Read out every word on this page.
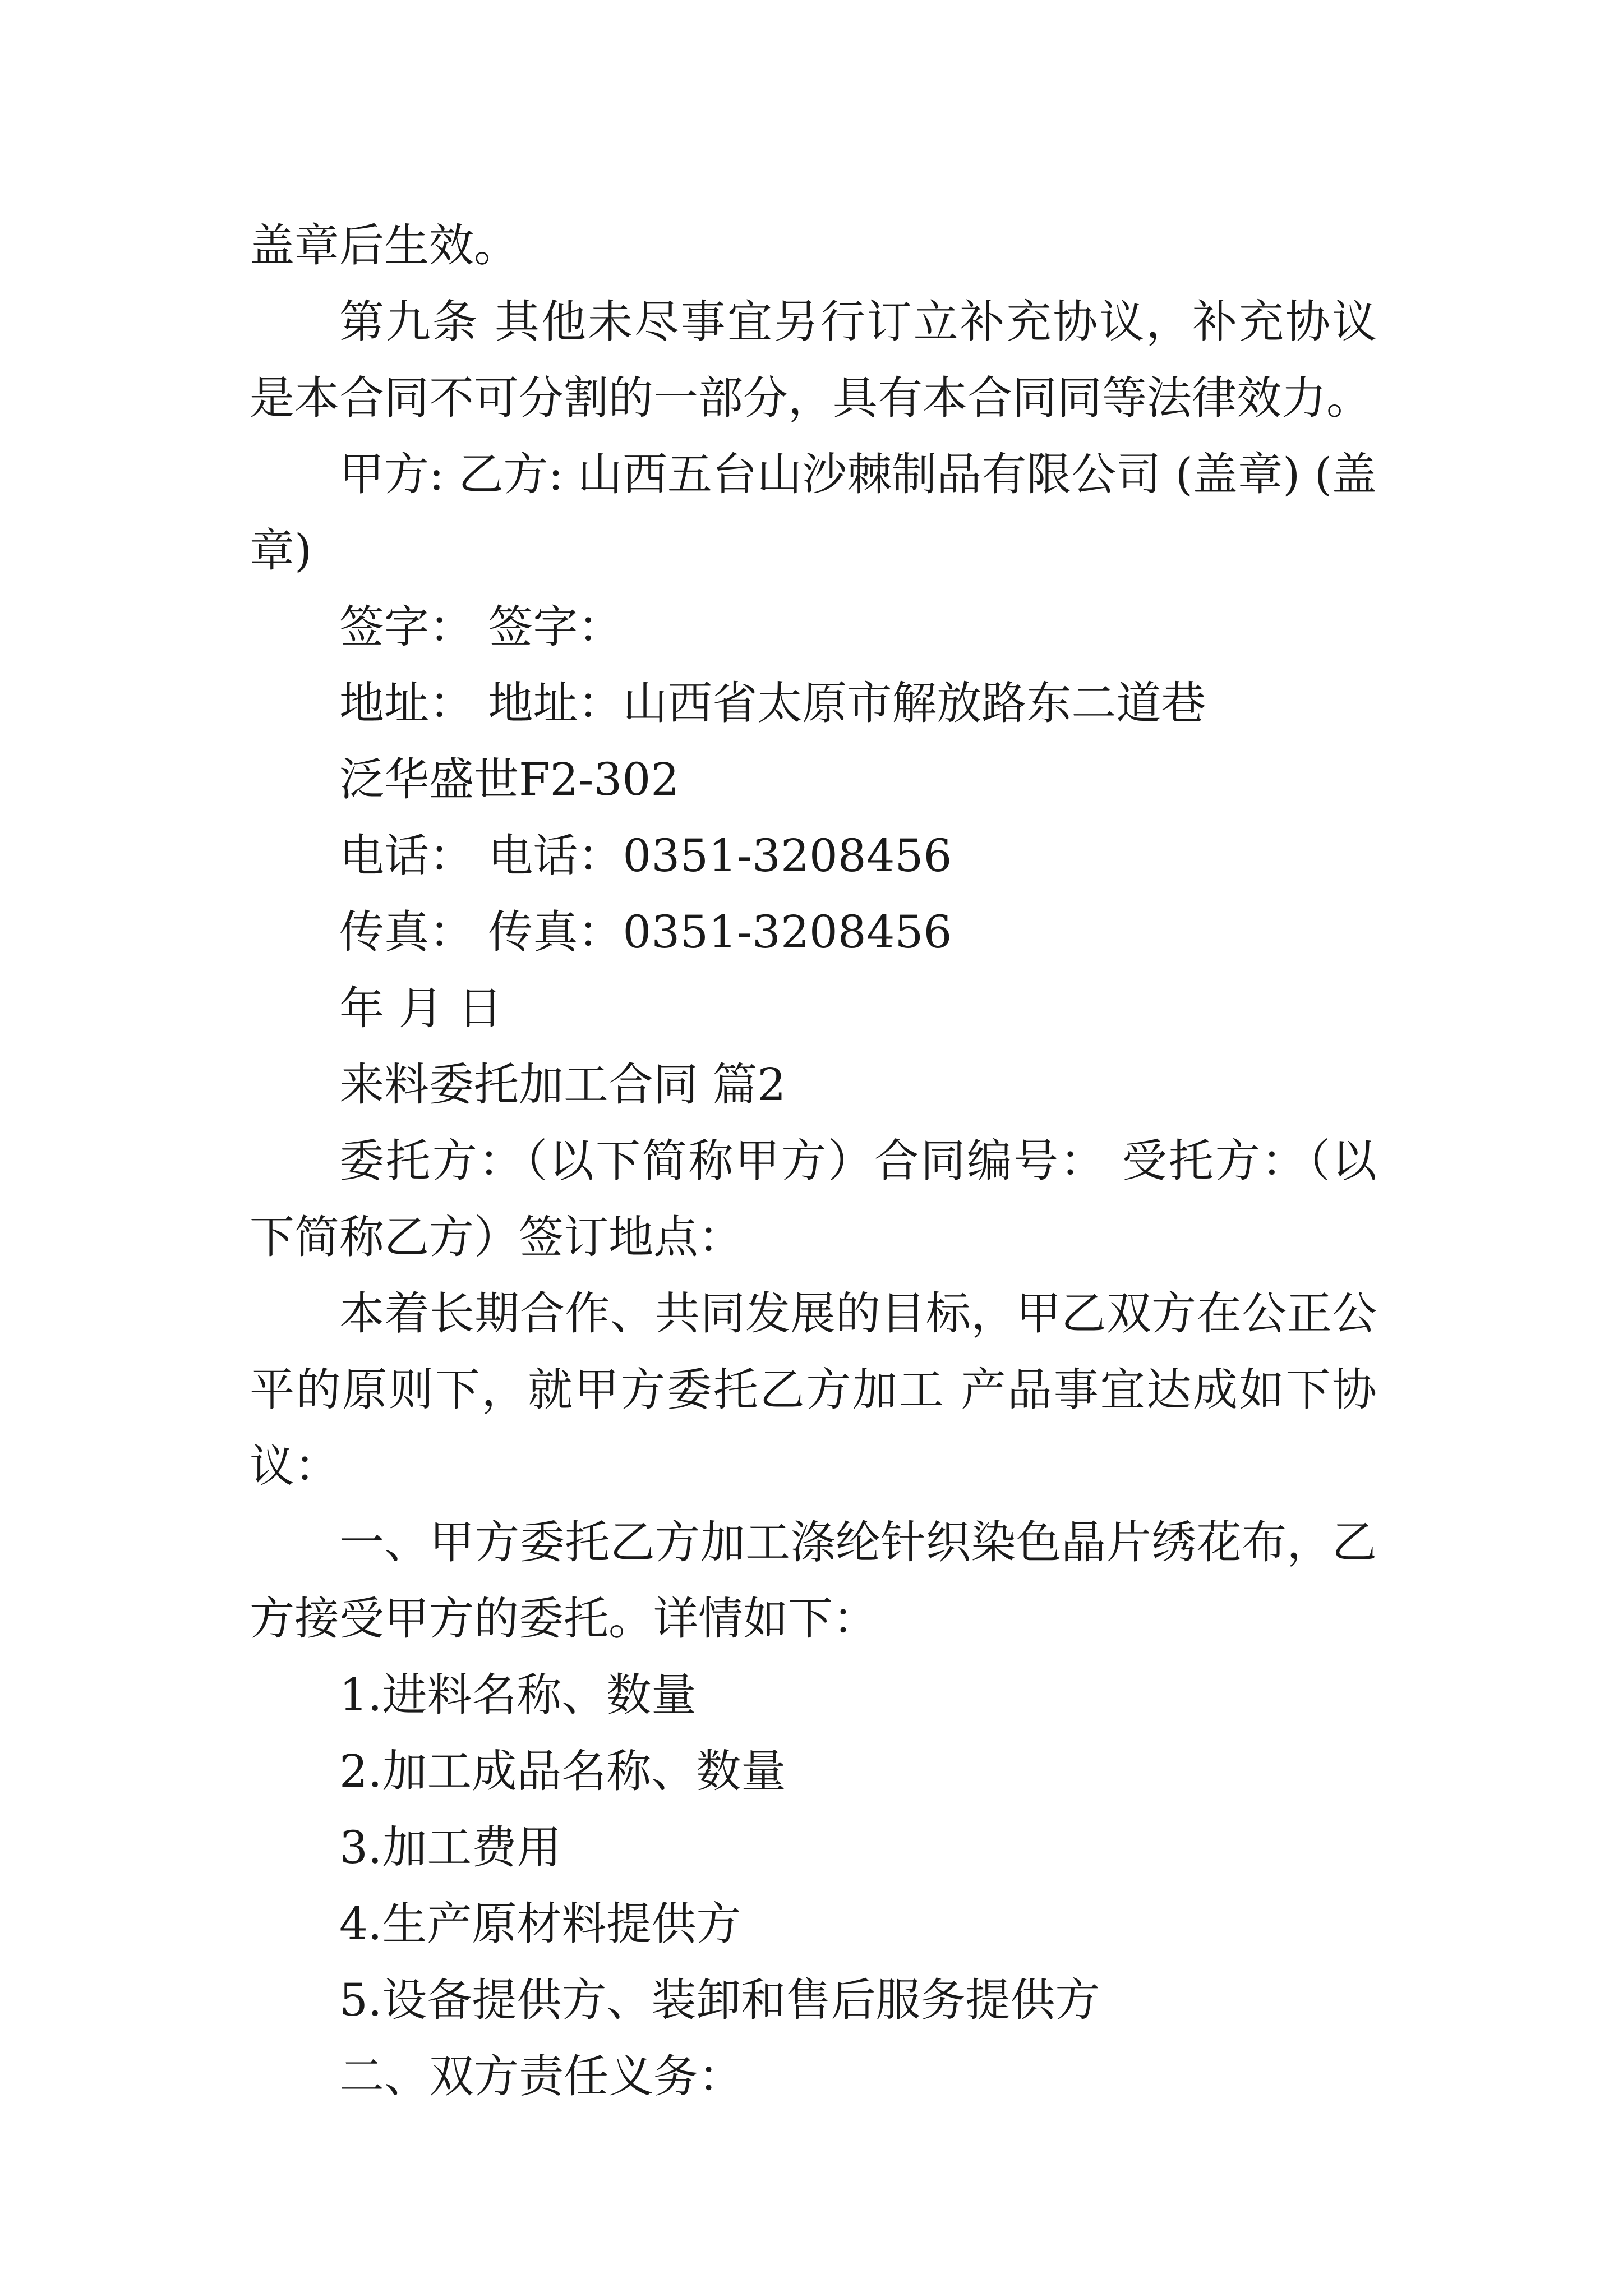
盖章后生效。

第九条 其他未尽事宜另行订立补充协议，补充协议是本合同不可分割的一部分，具有本合同同等法律效力。

甲方: 乙方: 山西五台山沙棘制品有限公司 (盖章) (盖章)

签字： 签字：

地址： 地址：山西省太原市解放路东二道巷

泛华盛世F2-302

电话： 电话：0351-3208456

传真： 传真：0351-3208456

年 月 日

来料委托加工合同 篇2

委托方：（以下简称甲方）合同编号： 受托方：（以下简称乙方）签订地点：

本着长期合作、共同发展的目标，甲乙双方在公正公平的原则下，就甲方委托乙方加工 产品事宜达成如下协议：

一、甲方委托乙方加工涤纶针织染色晶片绣花布，乙方接受甲方的委托。详情如下：

1.进料名称、数量

2.加工成品名称、数量

3.加工费用

4.生产原材料提供方

5.设备提供方、装卸和售后服务提供方

二、双方责任义务：
